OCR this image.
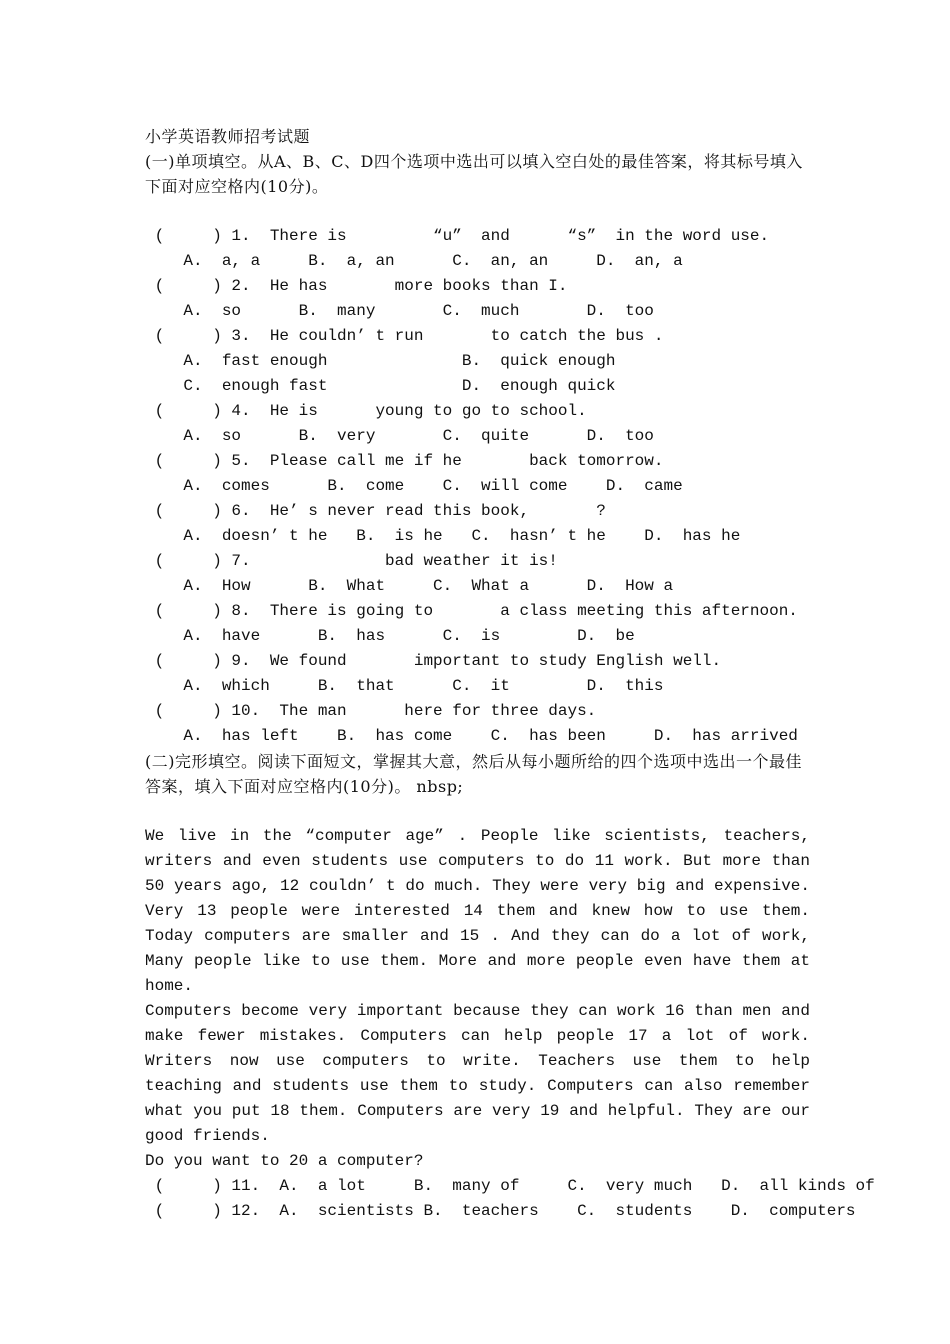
小学英语教师招考试题
(一)单项填空。从A、B、C、D四个选项中选出可以填入空白处的最佳答案，将其标号填入下面对应空格内(10分)。
(     ) 1.  There is         “u”  and      “s”  in the word use.
A.  a, a     B.  a, an      C.  an, an     D.  an, a
(     ) 2.  He has       more books than I.
A.  so      B.  many       C.  much       D.  too
(     ) 3.  He couldn’ t run       to catch the bus .
A.  fast enough              B.  quick enough
C.  enough fast              D.  enough quick
(     ) 4.  He is      young to go to school.
A.  so      B.  very       C.  quite      D.  too
(     ) 5.  Please call me if he       back tomorrow.
A.  comes      B.  come    C.  will come    D.  came
(     ) 6.  He’ s never read this book,       ?
A.  doesn’ t he   B.  is he   C.  hasn’ t he    D.  has he
(     ) 7.              bad weather it is!
A.  How      B.  What     C.  What a      D.  How a
(     ) 8.  There is going to       a class meeting this afternoon.
A.  have      B.  has      C.  is        D.  be
(     ) 9.  We found       important to study English well.
A.  which     B.  that      C.  it        D.  this
(     ) 10.  The man      here for three days.
A.  has left    B.  has come    C.  has been     D.  has arrived
(二)完形填空。阅读下面短文，掌握其大意，然后从每小题所给的四个选项中选出一个最佳答案，填入下面对应空格内(10分)。 nbsp;

We live in the “computer age” . People like scientists, teachers, writers and even students use computers to do 11 work. But more than 50 years ago, 12 couldn’ t do much. They were very big and expensive. Very 13 people were interested 14 them and knew how to use them. Today computers are smaller and 15 . And they can do a lot of work, Many people like to use them. More and more people even have them at home.

Computers become very important because they can work 16 than men and make fewer mistakes. Computers can help people 17 a lot of work. Writers now use computers to write. Teachers use them to help teaching and students use them to study. Computers can also remember what you put 18 them. Computers are very 19 and helpful. They are our good friends.

Do you want to 20 a computer?
(     ) 11.  A.  a lot     B.  many of     C.  very much   D.  all kinds of
(     ) 12.  A.  scientists B.  teachers    C.  students    D.  computers
